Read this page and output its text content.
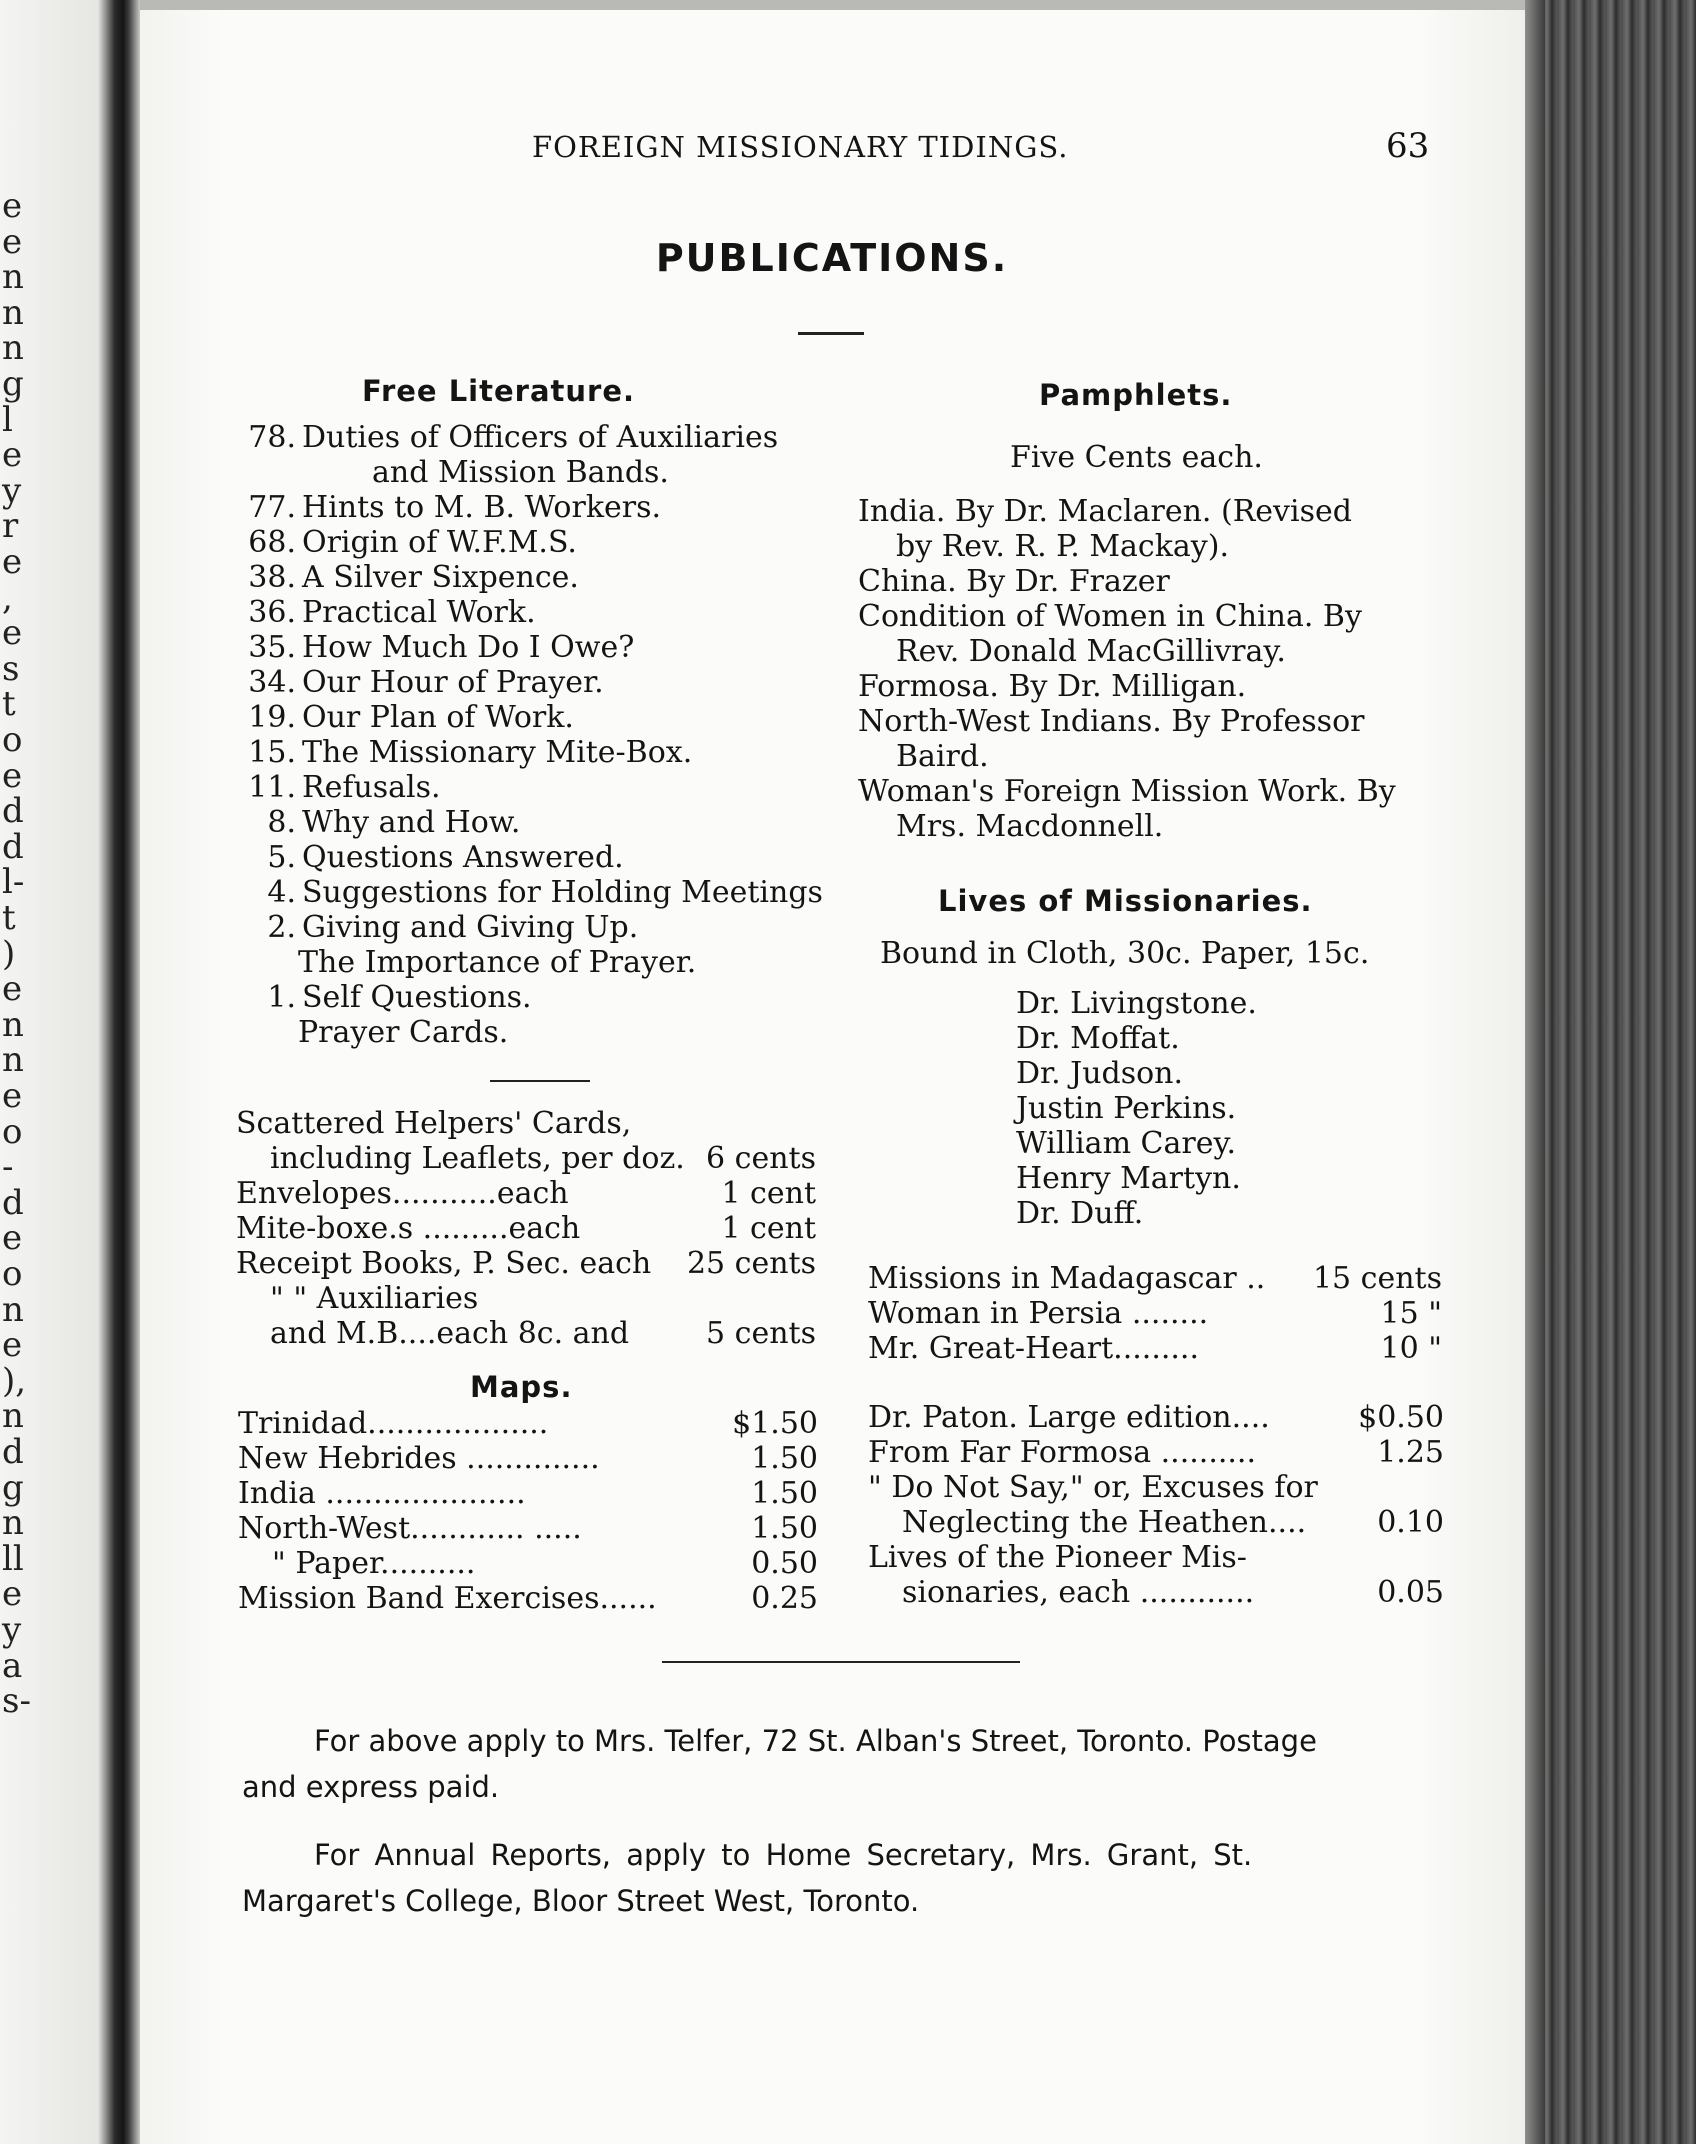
e
e
n
n
n
g
l
e
y
r
e
,
e
s
t
o
e
d
d
l-
t
)
e
n
n
e
o
-
d
e
o
n
e
),
n
d
g
n
ll
e
y
a
s-
FOREIGN MISSIONARY TIDINGS.	63
PUBLICATIONS.
Free Literature.
78. Duties of Officers of Auxiliaries
and Mission Bands.
77. Hints to M. B. Workers.
68. Origin of W.F.M.S.
38. A Silver Sixpence.
36. Practical Work.
35. How Much Do I Owe?
34. Our Hour of Prayer.
19. Our Plan of Work.
15. The Missionary Mite-Box.
11. Refusals.
8. Why and How.
5. Questions Answered.
4. Suggestions for Holding Meetings
2. Giving and Giving Up.
The Importance of Prayer.
1. Self Questions.
Prayer Cards.
Scattered Helpers' Cards,
including Leaflets, per doz. 6 cents
Envelopes...........each	1 cent
Mite-boxe.s .........each	1 cent
Receipt Books, P. Sec. each 25 cents
" " Auxiliaries
and M.B....each 8c. and	5 cents
Maps.
Trinidad...................	$1.50
New Hebrides ..............	1.50
India .....................	1.50
North-West............ .....	1.50
" Paper..........	0.50
Mission Band Exercises......	0.25
Pamphlets.
Five Cents each.
India. By Dr. Maclaren. (Revised
by Rev. R. P. Mackay).
China. By Dr. Frazer
Condition of Women in China. By
Rev. Donald MacGillivray.
Formosa. By Dr. Milligan.
North-West Indians. By Professor
Baird.
Woman's Foreign Mission Work. By
Mrs. Macdonnell.
Lives of Missionaries.
Bound in Cloth, 30c. Paper, 15c.
Dr. Livingstone.
Dr. Moffat.
Dr. Judson.
Justin Perkins.
William Carey.
Henry Martyn.
Dr. Duff.
Missions in Madagascar .. 15 cents
Woman in Persia ........	15 "
Mr. Great-Heart.........	10 "
Dr. Paton. Large edition....	$0.50
From Far Formosa ..........	1.25
" Do Not Say," or, Excuses for
Neglecting the Heathen.... 0.10
Lives of the Pioneer Mis-
sionaries, each ............	0.05
For above apply to Mrs. Telfer, 72 St. Alban's Street, Toronto. Postage
and express paid.
For Annual Reports, apply to Home Secretary, Mrs. Grant, St.
Margaret's College, Bloor Street West, Toronto.
